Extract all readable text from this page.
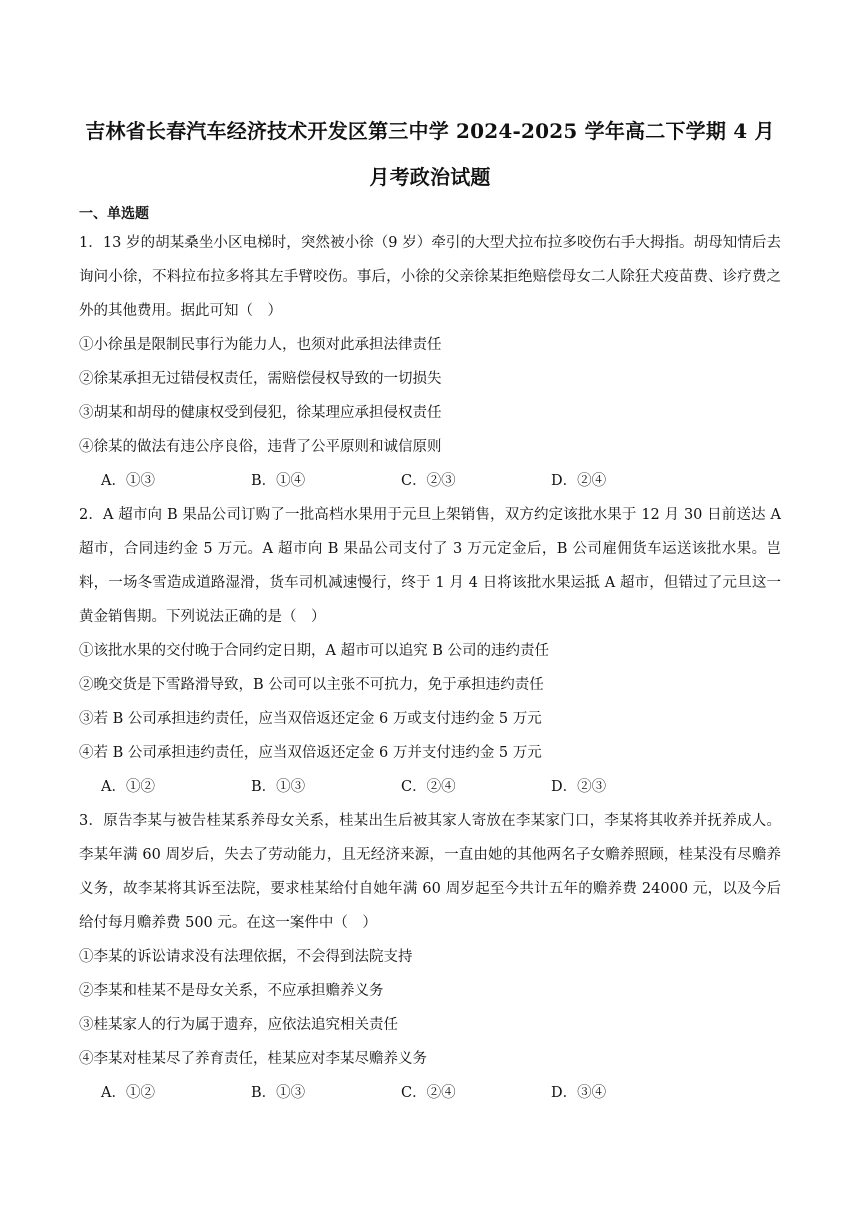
吉林省长春汽车经济技术开发区第三中学 2024-2025 学年高二下学期 4 月
月考政治试题
一、单选题

1．13 岁的胡某桑坐小区电梯时，突然被小徐（9 岁）牵引的大型犬拉布拉多咬伤右手大拇指。胡母知情后去询问小徐，不料拉布拉多将其左手臂咬伤。事后，小徐的父亲徐某拒绝赔偿母女二人除狂犬疫苗费、诊疗费之外的其他费用。据此可知（　）

①小徐虽是限制民事行为能力人，也须对此承担法律责任

②徐某承担无过错侵权责任，需赔偿侵权导致的一切损失

③胡某和胡母的健康权受到侵犯，徐某理应承担侵权责任

④徐某的做法有违公序良俗，违背了公平原则和诚信原则

A．①③	B．①④	C．②③	D．②④

2．A 超市向 B 果品公司订购了一批高档水果用于元旦上架销售，双方约定该批水果于 12 月 30 日前送达 A 超市，合同违约金 5 万元。A 超市向 B 果品公司支付了 3 万元定金后，B 公司雇佣货车运送该批水果。岂料，一场冬雪造成道路湿滑，货车司机减速慢行，终于 1 月 4 日将该批水果运抵 A 超市，但错过了元旦这一黄金销售期。下列说法正确的是（　）

①该批水果的交付晚于合同约定日期，A 超市可以追究 B 公司的违约责任

②晚交货是下雪路滑导致，B 公司可以主张不可抗力，免于承担违约责任

③若 B 公司承担违约责任，应当双倍返还定金 6 万或支付违约金 5 万元

④若 B 公司承担违约责任，应当双倍返还定金 6 万并支付违约金 5 万元

A．①②	B．①③	C．②④	D．②③

3．原告李某与被告桂某系养母女关系，桂某出生后被其家人寄放在李某家门口，李某将其收养并抚养成人。李某年满 60 周岁后，失去了劳动能力，且无经济来源，一直由她的其他两名子女赡养照顾，桂某没有尽赡养义务，故李某将其诉至法院，要求桂某给付自她年满 60 周岁起至今共计五年的赡养费 24000 元，以及今后给付每月赡养费 500 元。在这一案件中（　）

①李某的诉讼请求没有法理依据，不会得到法院支持

②李某和桂某不是母女关系，不应承担赡养义务

③桂某家人的行为属于遗弃，应依法追究相关责任

④李某对桂某尽了养育责任，桂某应对李某尽赡养义务

A．①②	B．①③	C．②④	D．③④
